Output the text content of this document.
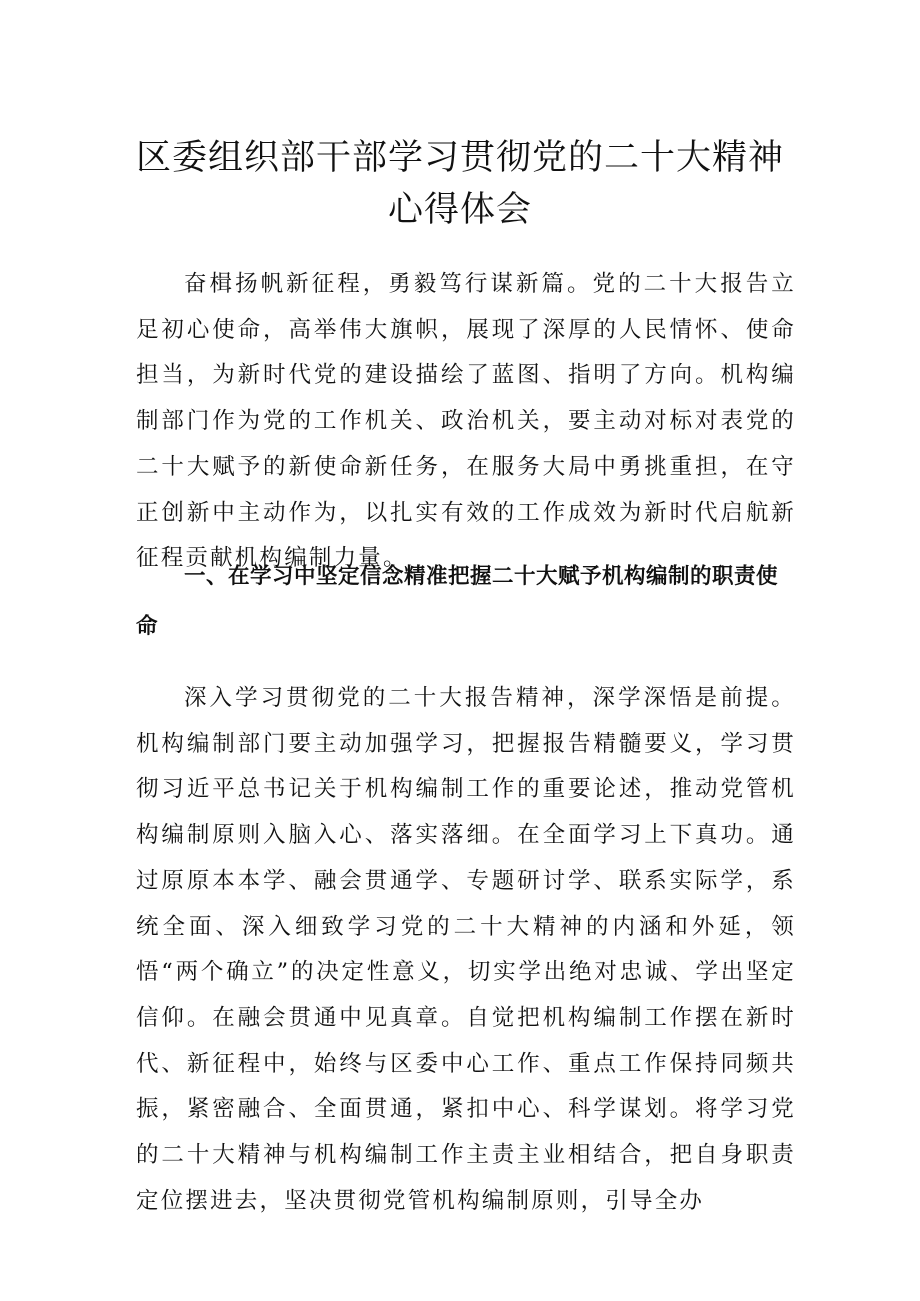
区委组织部干部学习贯彻党的二十大精神
心得体会

奋楫扬帆新征程，勇毅笃行谋新篇。党的二十大报告立足初心使命，高举伟大旗帜，展现了深厚的人民情怀、使命担当，为新时代党的建设描绘了蓝图、指明了方向。机构编制部门作为党的工作机关、政治机关，要主动对标对表党的二十大赋予的新使命新任务，在服务大局中勇挑重担，在守正创新中主动作为，以扎实有效的工作成效为新时代启航新征程贡献机构编制力量。

一、在学习中坚定信念精准把握二十大赋予机构编制的职责使命

深入学习贯彻党的二十大报告精神，深学深悟是前提。机构编制部门要主动加强学习，把握报告精髓要义，学习贯彻习近平总书记关于机构编制工作的重要论述，推动党管机构编制原则入脑入心、落实落细。在全面学习上下真功。通过原原本本学、融会贯通学、专题研讨学、联系实际学，系统全面、深入细致学习党的二十大精神的内涵和外延，领悟“两个确立”的决定性意义，切实学出绝对忠诚、学出坚定信仰。在融会贯通中见真章。自觉把机构编制工作摆在新时代、新征程中，始终与区委中心工作、重点工作保持同频共振，紧密融合、全面贯通，紧扣中心、科学谋划。将学习党的二十大精神与机构编制工作主责主业相结合，把自身职责定位摆进去，坚决贯彻党管机构编制原则，引导全办
